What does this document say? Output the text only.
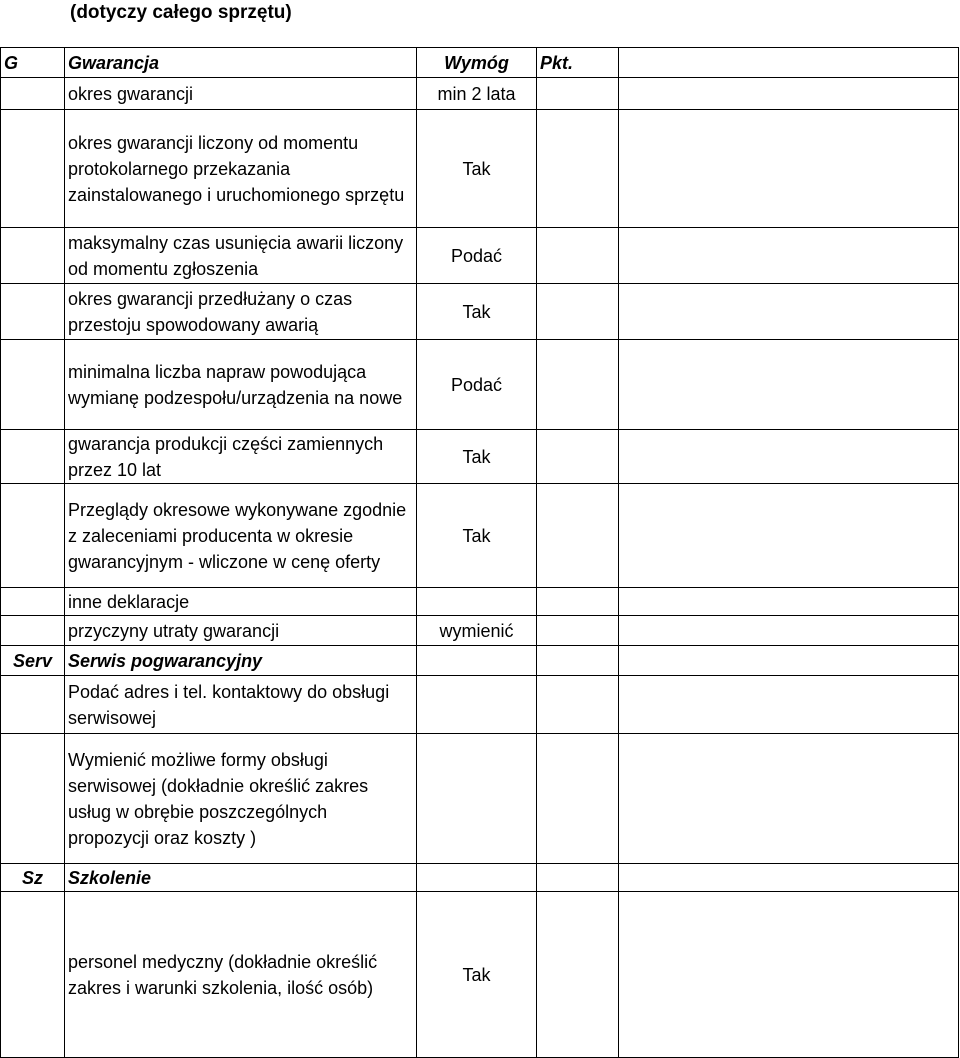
(dotyczy całego sprzętu)
G	Gwarancja	Wymóg	Pkt.	
	okres gwarancji	min 2 lata		
	okres gwarancji liczony od momentu protokolarnego przekazania zainstalowanego i uruchomionego sprzętu	Tak		
	maksymalny czas usunięcia awarii liczony od momentu zgłoszenia	Podać		
	okres gwarancji przedłużany o czas przestoju spowodowany awarią	Tak		
	minimalna liczba napraw powodująca wymianę podzespołu/urządzenia na nowe	Podać		
	gwarancja produkcji części zamiennych przez 10 lat	Tak		
	Przeglądy okresowe wykonywane zgodnie z zaleceniami producenta w okresie gwarancyjnym - wliczone w cenę oferty	Tak		
	inne deklaracje			
	przyczyny utraty gwarancji	wymienić		
Serv	Serwis pogwarancyjny			
	Podać adres i tel. kontaktowy do obsługi serwisowej			
	Wymienić możliwe formy obsługi serwisowej (dokładnie określić zakres usług w obrębie poszczególnych propozycji oraz koszty )			
Sz	Szkolenie			
	personel medyczny (dokładnie określić zakres i warunki szkolenia, ilość osób)	Tak		
